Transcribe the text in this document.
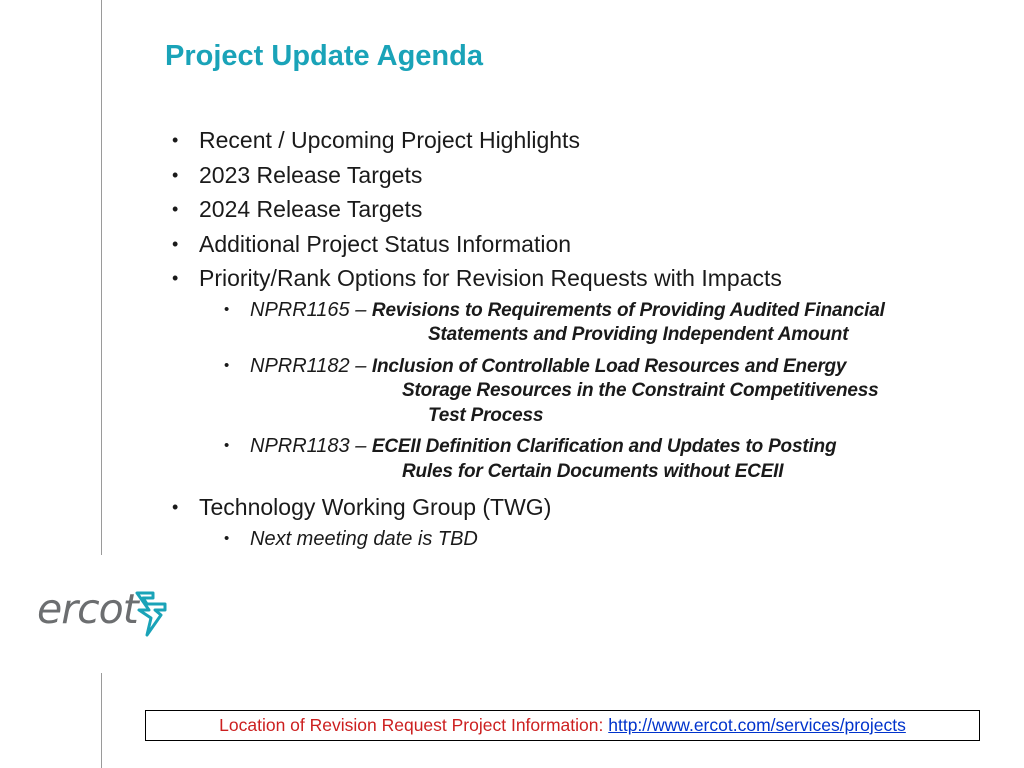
Project Update Agenda
• Recent / Upcoming Project Highlights
• 2023 Release Targets
• 2024 Release Targets
• Additional Project Status Information
• Priority/Rank Options for Revision Requests with Impacts
• NPRR1165 – Revisions to Requirements of Providing Audited Financial
Statements and Providing Independent Amount
• NPRR1182 – Inclusion of Controllable Load Resources and Energy
Storage Resources in the Constraint Competitiveness
Test Process
• NPRR1183 – ECEII Definition Clarification and Updates to Posting
Rules for Certain Documents without ECEII
• Technology Working Group (TWG)
• Next meeting date is TBD
ercot
Location of Revision Request Project Information: http://www.ercot.com/services/projects
